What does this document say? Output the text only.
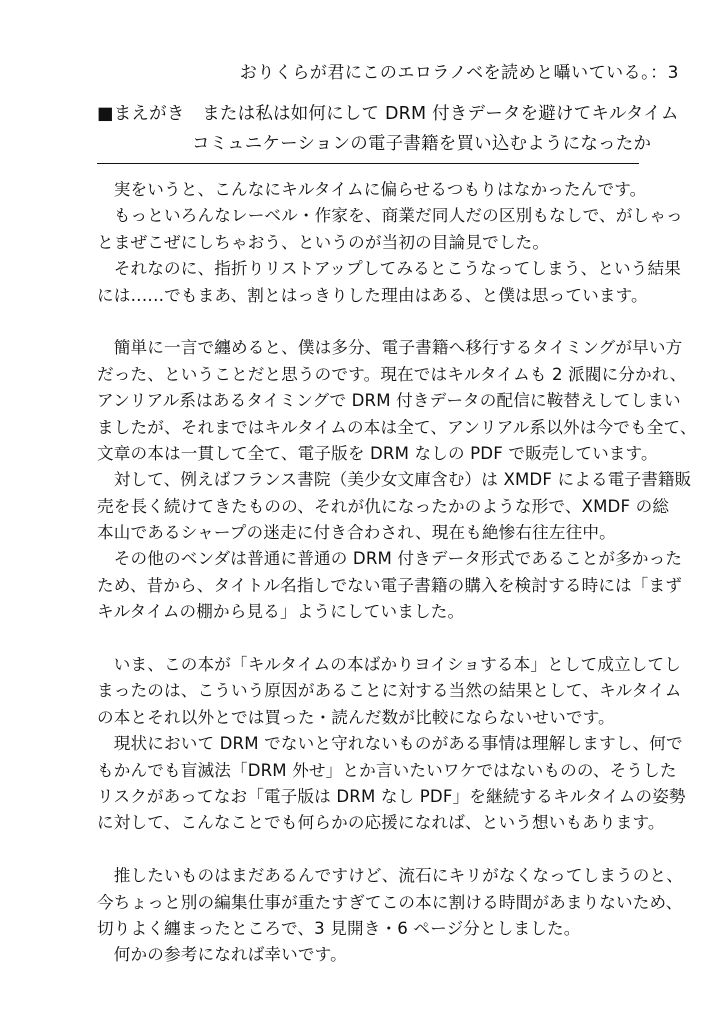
おりくらが君にこのエロラノベを読めと囁いている。：3
■まえがき　または私は如何にして DRM 付きデータを避けてキルタイム
コミュニケーションの電子書籍を買い込むようになったか
　実をいうと、こんなにキルタイムに偏らせるつもりはなかったんです。
　もっといろんなレーベル・作家を、商業だ同人だの区別もなしで、がしゃっ
とまぜこぜにしちゃおう、というのが当初の目論見でした。
　それなのに、指折りリストアップしてみるとこうなってしまう、という結果
には‥‥‥でもまあ、割とはっきりした理由はある、と僕は思っています。
　簡単に一言で纏めると、僕は多分、電子書籍へ移行するタイミングが早い方
だった、ということだと思うのです。現在ではキルタイムも 2 派閥に分かれ、
アンリアル系はあるタイミングで DRM 付きデータの配信に鞍替えしてしまい
ましたが、それまではキルタイムの本は全て、アンリアル系以外は今でも全て、
文章の本は一貫して全て、電子版を DRM なしの PDF で販売しています。
　対して、例えばフランス書院（美少女文庫含む）は XMDF による電子書籍販
売を長く続けてきたものの、それが仇になったかのような形で、XMDF の総
本山であるシャープの迷走に付き合わされ、現在も絶惨右往左往中。
　その他のベンダは普通に普通の DRM 付きデータ形式であることが多かった
ため、昔から、タイトル名指しでない電子書籍の購入を検討する時には「まず
キルタイムの棚から見る」ようにしていました。
　いま、この本が「キルタイムの本ばかりヨイショする本」として成立してし
まったのは、こういう原因があることに対する当然の結果として、キルタイム
の本とそれ以外とでは買った・読んだ数が比較にならないせいです。
　現状において DRM でないと守れないものがある事情は理解しますし、何で
もかんでも盲滅法「DRM 外せ」とか言いたいワケではないものの、そうした
リスクがあってなお「電子版は DRM なし PDF」を継続するキルタイムの姿勢
に対して、こんなことでも何らかの応援になれば、という想いもあります。
　推したいものはまだあるんですけど、流石にキリがなくなってしまうのと、
今ちょっと別の編集仕事が重たすぎてこの本に割ける時間があまりないため、
切りよく纏まったところで、3 見開き・6 ページ分としました。
　何かの参考になれば幸いです。
